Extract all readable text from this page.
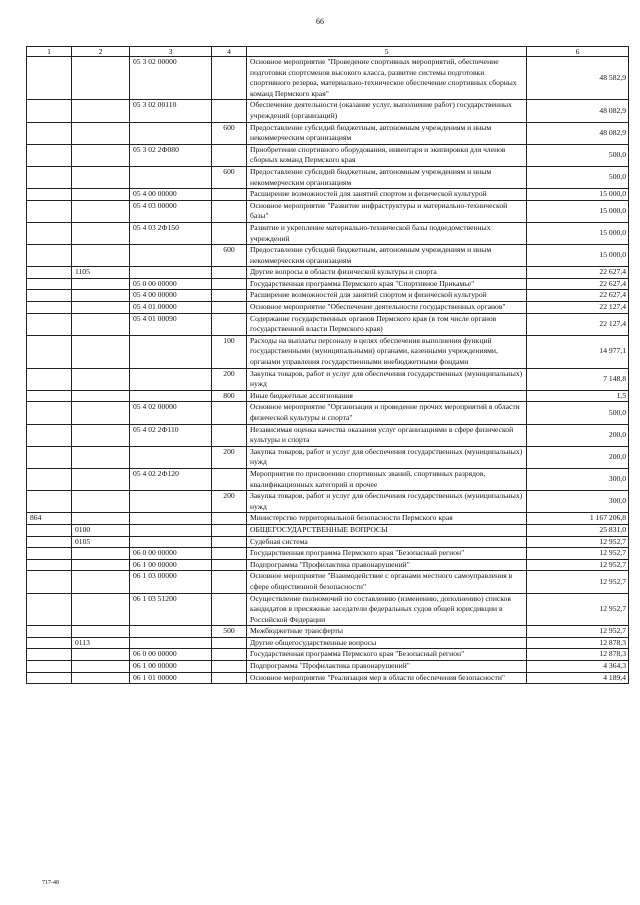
66
1	2	3	4	5	6
		05 3 02 00000		Основное мероприятие "Проведение спортивных мероприятий, обеспечение подготовки спортсменов высокого класса, развитие системы подготовки спортивного резерва, материально-техническое обеспечение спортивных сборных команд Пермского края"	48 582,9
		05 3 02 00110		Обеспечение деятельности (оказание услуг, выполнение работ) государственных учреждений (организаций)	48 082,9
			600	Предоставление субсидий бюджетным, автономным учреждениям и иным некоммерческим организациям	48 082,9
		05 3 02 2Ф080		Приобретение спортивного оборудования, инвентаря и экипировки для членов сборных команд Пермского края	500,0
			600	Предоставление субсидий бюджетным, автономным учреждениям и иным некоммерческим организациям	500,0
		05 4 00 00000		Расширение возможностей для занятий спортом и физической культурой	15 000,0
		05 4 03 00000		Основное мероприятие "Развитие инфраструктуры и материально-технической базы"	15 000,0
		05 4 03 2Ф150		Развитие и укрепление материально-технической базы подведомственных учреждений	15 000,0
			600	Предоставление субсидий бюджетным, автономным учреждениям и иным некоммерческим организациям	15 000,0
	1105			Другие вопросы в области физической культуры и спорта	22 627,4
		05 0 00 00000		Государственная программа Пермского края "Спортивное Прикамье"	22 627,4
		05 4 00 00000		Расширение возможностей для занятий спортом и физической культурой	22 627,4
		05 4 01 00000		Основное мероприятие "Обеспечение деятельности государственных органов"	22 127,4
		05 4 01 00090		Содержание государственных органов Пермского края (в том числе органов государственной власти Пермского края)	22 127,4
			100	Расходы на выплаты персоналу в целях обеспечения выполнения функций государственными (муниципальными) органами, казенными учреждениями, органами управления государственными внебюджетными фондами	14 977,1
			200	Закупка товаров, работ и услуг для обеспечения государственных (муниципальных) нужд	7 148,8
			800	Иные бюджетные ассигнования	1,5
		05 4 02 00000		Основное мероприятие "Организация и проведение прочих мероприятий в области физической культуры и спорта"	500,0
		05 4 02 2Ф110		Независимая оценка качества оказания услуг организациями в сфере физической культуры и спорта	200,0
			200	Закупка товаров, работ и услуг для обеспечения государственных (муниципальных) нужд	200,0
		05 4 02 2Ф120		Мероприятия по присвоению спортивных званий, спортивных разрядов, квалификационных категорий и прочее	300,0
			200	Закупка товаров, работ и услуг для обеспечения государственных (муниципальных) нужд	300,0
864				Министерство территориальной безопасности Пермского края	1 167 206,8
	0100			ОБЩЕГОСУДАРСТВЕННЫЕ ВОПРОСЫ	25 831,0
	0105			Судебная система	12 952,7
		06 0 00 00000		Государственная программа Пермского края "Безопасный регион"	12 952,7
		06 1 00 00000		Подпрограмма "Профилактика правонарушений"	12 952,7
		06 1 03 00000		Основное мероприятие "Взаимодействие с органами местного самоуправления в сфере общественной безопасности"	12 952,7
		06 1 03 51200		Осуществление полномочий по составлению (изменению, дополнению) списков кандидатов в присяжные заседатели федеральных судов общей юрисдикции в Российской Федерации	12 952,7
			500	Межбюджетные трансферты	12 952,7
	0113			Другие общегосударственные вопросы	12 878,3
		06 0 00 00000		Государственная программа Пермского края "Безопасный регион"	12 878,3
		06 1 00 00000		Подпрограмма "Профилактика правонарушений"	4 364,3
		06 1 01 00000		Основное мероприятие "Реализация мер в области обеспечения безопасности"	4 189,4
717-48
